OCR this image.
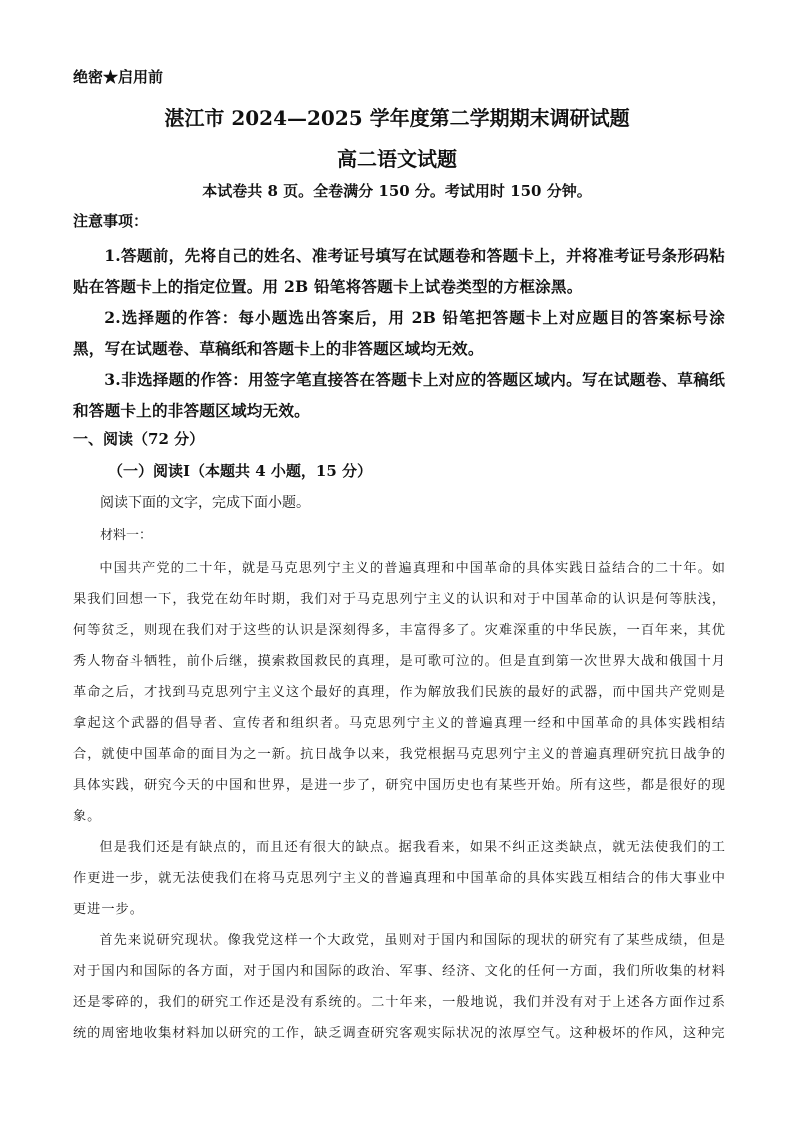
绝密★启用前
湛江市 2024—2025 学年度第二学期期末调研试题
高二语文试题
本试卷共 8 页。全卷满分 150 分。考试用时 150 分钟。
注意事项：

1.答题前，先将自己的姓名、准考证号填写在试题卷和答题卡上，并将准考证号条形码粘贴在答题卡上的指定位置。用 2B 铅笔将答题卡上试卷类型的方框涂黑。

2.选择题的作答：每小题选出答案后，用 2B 铅笔把答题卡上对应题目的答案标号涂黑，写在试题卷、草稿纸和答题卡上的非答题区域均无效。

3.非选择题的作答：用签字笔直接答在答题卡上对应的答题区域内。写在试题卷、草稿纸和答题卡上的非答题区域均无效。

一、阅读（72 分）
（一）阅读Ⅰ（本题共 4 小题，15 分）
阅读下面的文字，完成下面小题。
材料一：

中国共产党的二十年，就是马克思列宁主义的普遍真理和中国革命的具体实践日益结合的二十年。如果我们回想一下，我党在幼年时期，我们对于马克思列宁主义的认识和对于中国革命的认识是何等肤浅，何等贫乏，则现在我们对于这些的认识是深刻得多，丰富得多了。灾难深重的中华民族，一百年来，其优秀人物奋斗牺牲，前仆后继，摸索救国救民的真理，是可歌可泣的。但是直到第一次世界大战和俄国十月革命之后，才找到马克思列宁主义这个最好的真理，作为解放我们民族的最好的武器，而中国共产党则是拿起这个武器的倡导者、宣传者和组织者。马克思列宁主义的普遍真理一经和中国革命的具体实践相结合，就使中国革命的面目为之一新。抗日战争以来，我党根据马克思列宁主义的普遍真理研究抗日战争的具体实践，研究今天的中国和世界，是进一步了，研究中国历史也有某些开始。所有这些，都是很好的现象。

但是我们还是有缺点的，而且还有很大的缺点。据我看来，如果不纠正这类缺点，就无法使我们的工作更进一步，就无法使我们在将马克思列宁主义的普遍真理和中国革命的具体实践互相结合的伟大事业中更进一步。

首先来说研究现状。像我党这样一个大政党，虽则对于国内和国际的现状的研究有了某些成绩，但是对于国内和国际的各方面，对于国内和国际的政治、军事、经济、文化的任何一方面，我们所收集的材料还是零碎的，我们的研究工作还是没有系统的。二十年来，一般地说，我们并没有对于上述各方面作过系统的周密地收集材料加以研究的工作，缺乏调查研究客观实际状况的浓厚空气。这种极坏的作风，这种完
